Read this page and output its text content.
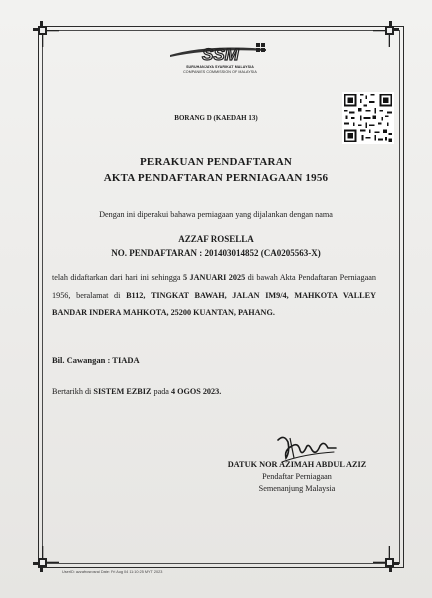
SSM
SURUHANJAYA SYARIKAT MALAYSIA
COMPANIES COMMISSION OF MALAYSIA
BORANG D (KAEDAH 13)
PERAKUAN PENDAFTARAN
AKTA PENDAFTARAN PERNIAGAAN 1956
Dengan ini diperakui bahawa perniagaan yang dijalankan dengan nama
AZZAF ROSELLA
NO. PENDAFTARAN : 201403014852 (CA0205563-X)
telah didaftarkan dari hari ini sehingga 5 JANUARI 2025 di bawah Akta Pendaftaran Perniagaan 1956, beralamat di B112, TINGKAT BAWAH, JALAN IM9/4, MAHKOTA VALLEY BANDAR INDERA MAHKOTA, 25200 KUANTAN, PAHANG.
Bil. Cawangan : TIADA
Bertarikh di SISTEM EZBIZ pada 4 OGOS 2023.
DATUK NOR AZIMAH ABDUL AZIZ
Pendaftar Perniagaan
Semenanjung Malaysia
UserID: azzafrosrosrai Date: Fri Aug 04 11:10:25 MYT 2023
